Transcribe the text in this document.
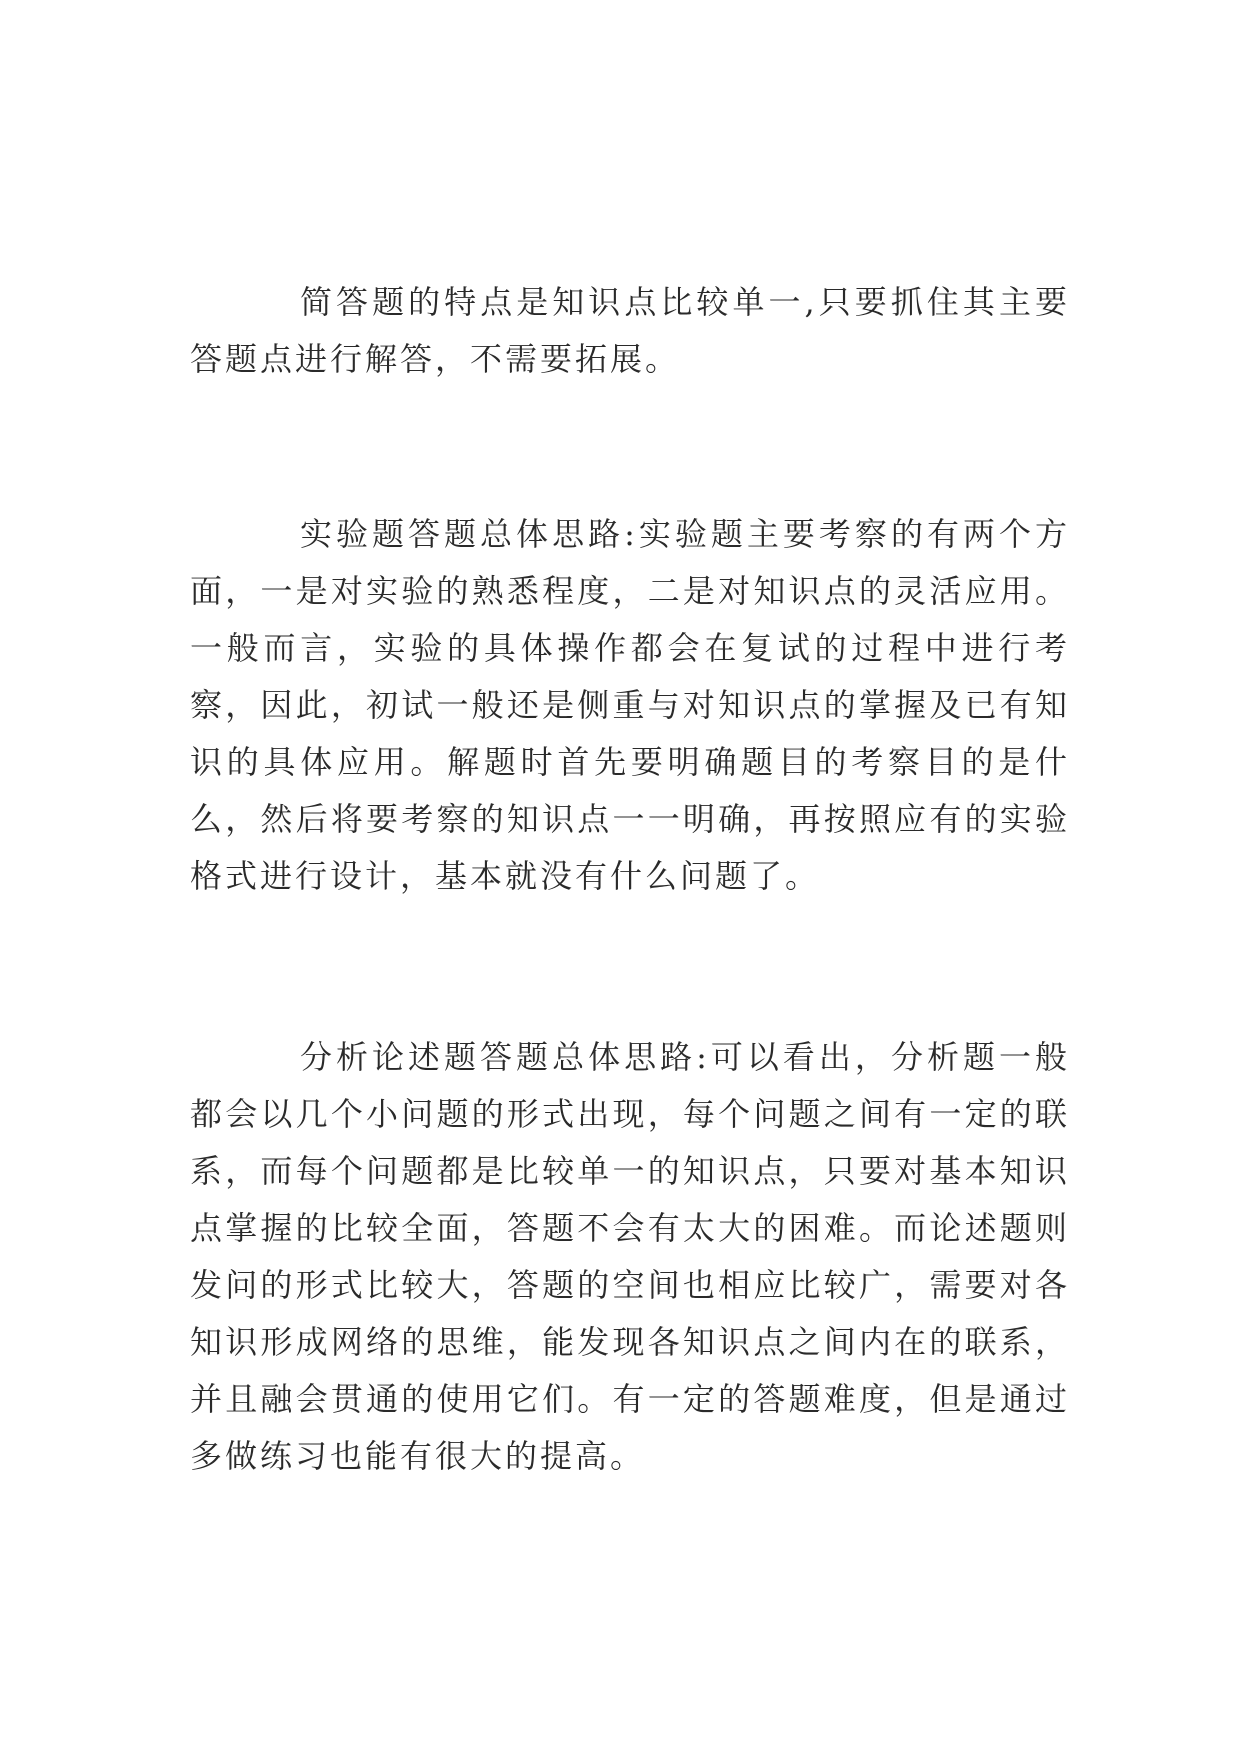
简答题的特点是知识点比较单一,只要抓住其主要答题点进行解答，不需要拓展。

实验题答题总体思路:实验题主要考察的有两个方面，一是对实验的熟悉程度，二是对知识点的灵活应用。一般而言，实验的具体操作都会在复试的过程中进行考察，因此，初试一般还是侧重与对知识点的掌握及已有知识的具体应用。解题时首先要明确题目的考察目的是什么，然后将要考察的知识点一一明确，再按照应有的实验格式进行设计，基本就没有什么问题了。

分析论述题答题总体思路:可以看出，分析题一般都会以几个小问题的形式出现，每个问题之间有一定的联系，而每个问题都是比较单一的知识点，只要对基本知识点掌握的比较全面，答题不会有太大的困难。而论述题则发问的形式比较大，答题的空间也相应比较广，需要对各知识形成网络的思维，能发现各知识点之间内在的联系，并且融会贯通的使用它们。有一定的答题难度，但是通过多做练习也能有很大的提高。
